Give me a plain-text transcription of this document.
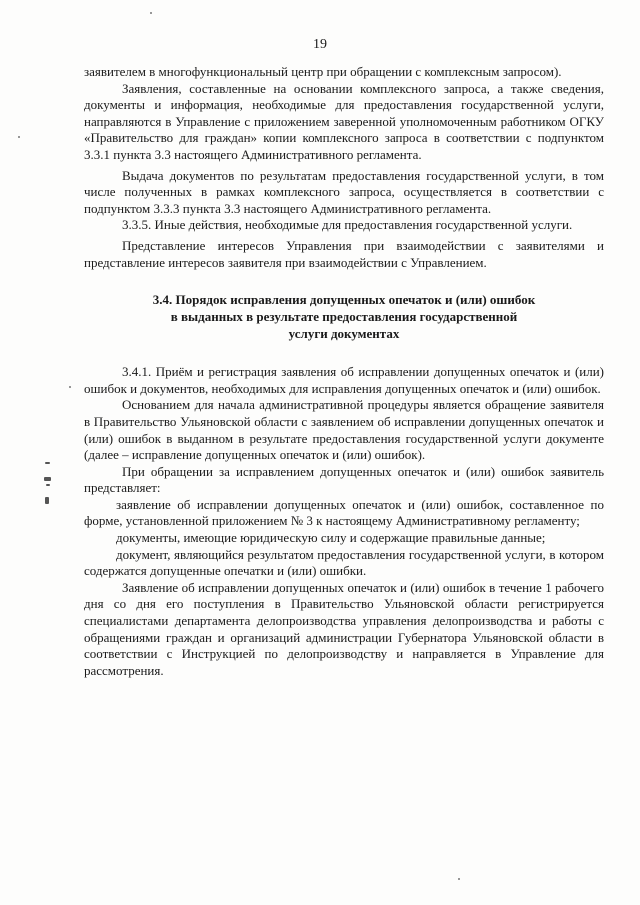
19

заявителем в многофункциональный центр при обращении с комплексным запросом).

Заявления, составленные на основании комплексного запроса, а также сведения, документы и информация, необходимые для предоставления государственной услуги, направляются в Управление с приложением заверенной уполномоченным работником ОГКУ «Правительство для граждан» копии комплексного запроса в соответствии с подпунктом 3.3.1 пункта 3.3 настоящего Административного регламента.

Выдача документов по результатам предоставления государственной услуги, в том числе полученных в рамках комплексного запроса, осуществляется в соответствии с подпунктом 3.3.3 пункта 3.3 настоящего Административного регламента.

3.3.5. Иные действия, необходимые для предоставления государственной услуги.

Представление интересов Управления при взаимодействии с заявителями и представление интересов заявителя при взаимодействии с Управлением.

3.4. Порядок исправления допущенных опечаток и (или) ошибок
в выданных в результате предоставления государственной
услуги документах

3.4.1. Приём и регистрация заявления об исправлении допущенных опечаток и (или) ошибок и документов, необходимых для исправления допущенных опечаток и (или) ошибок.

Основанием для начала административной процедуры является обращение заявителя в Правительство Ульяновской области с заявлением об исправлении допущенных опечаток и (или) ошибок в выданном в результате предоставления государственной услуги документе (далее – исправление допущенных опечаток и (или) ошибок).

При обращении за исправлением допущенных опечаток и (или) ошибок заявитель представляет:

заявление об исправлении допущенных опечаток и (или) ошибок, составленное по форме, установленной приложением № 3 к настоящему Административному регламенту;

документы, имеющие юридическую силу и содержащие правильные данные;

документ, являющийся результатом предоставления государственной услуги, в котором содержатся допущенные опечатки и (или) ошибки.

Заявление об исправлении допущенных опечаток и (или) ошибок в течение 1 рабочего дня со дня его поступления в Правительство Ульяновской области регистрируется специалистами департамента делопроизводства управления делопроизводства и работы с обращениями граждан и организаций администрации Губернатора Ульяновской области в соответствии с Инструкцией по делопроизводству и направляется в Управление для рассмотрения.
